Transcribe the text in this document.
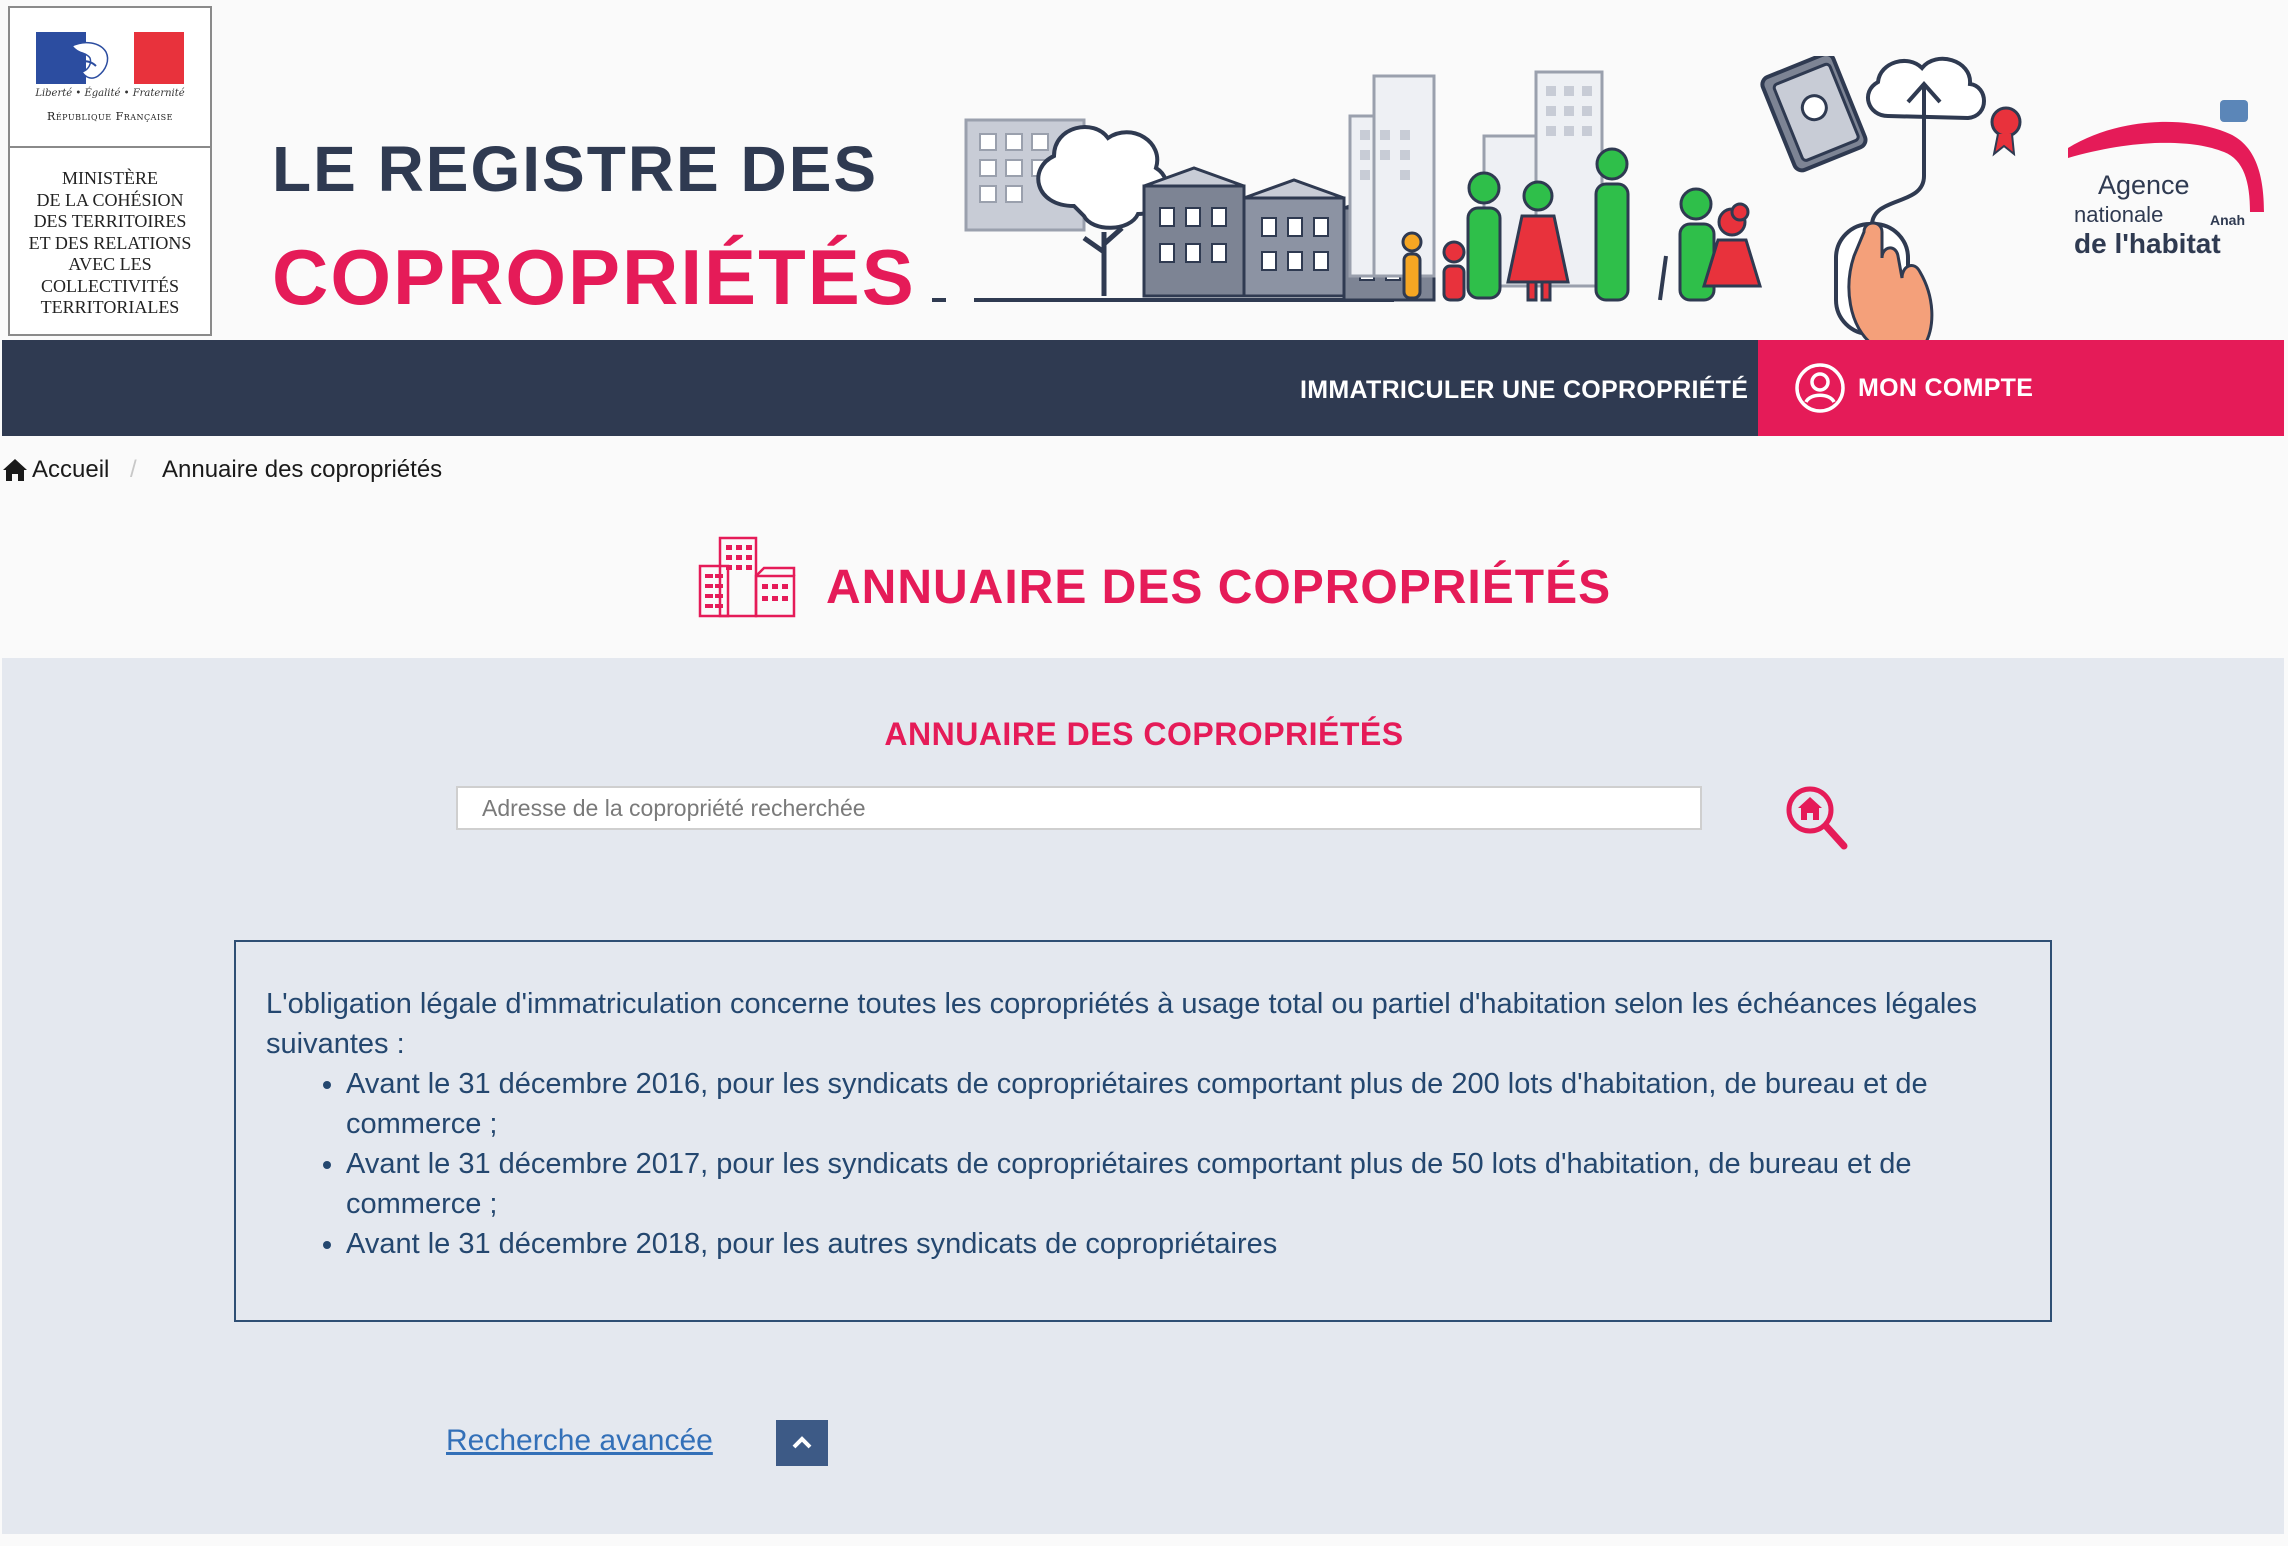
Liberté • Égalité • Fraternité
République Française
MINISTÈRE
DE LA COHÉSION
DES TERRITOIRES
ET DES RELATIONS
AVEC LES
COLLECTIVITÉS
TERRITORIALES
LE REGISTRE DES
COPROPRIÉTÉS
Agence
nationale
de l'habitat
Anah
IMMATRICULER UNE COPROPRIÉTÉ	MON COMPTE
Accueil / Annuaire des copropriétés
ANNUAIRE DES COPROPRIÉTÉS
ANNUAIRE DES COPROPRIÉTÉS
Adresse de la copropriété recherchée

L'obligation légale d'immatriculation concerne toutes les copropriétés à usage total ou partiel d'habitation selon les échéances légales suivantes :

• Avant le 31 décembre 2016, pour les syndicats de copropriétaires comportant plus de 200 lots d'habitation, de bureau et de commerce ;
• Avant le 31 décembre 2017, pour les syndicats de copropriétaires comportant plus de 50 lots d'habitation, de bureau et de commerce ;
• Avant le 31 décembre 2018, pour les autres syndicats de copropriétaires
Recherche avancée
